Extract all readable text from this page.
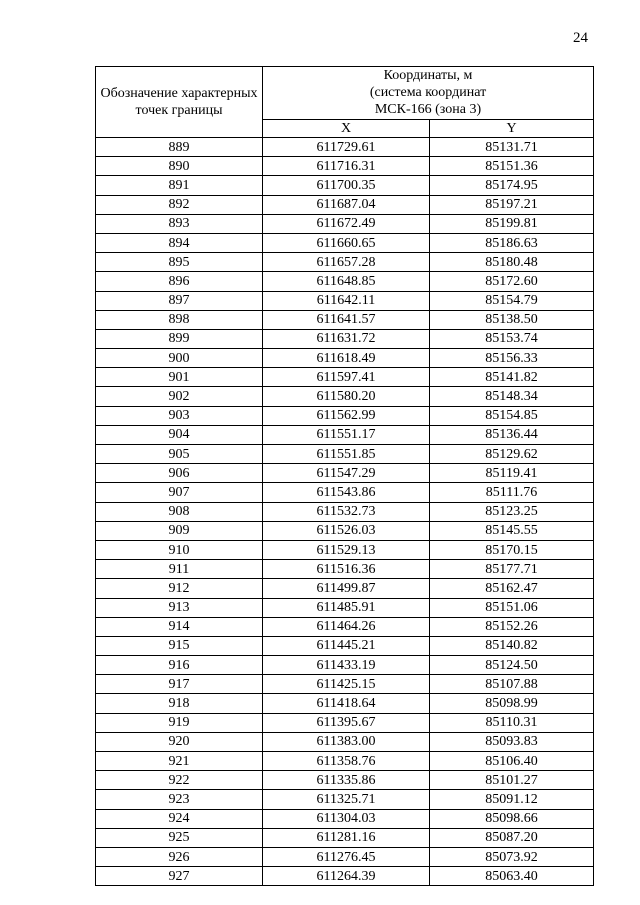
24
Обозначение характерных точек границы	Координаты, м
(система координат
МСК-166 (зона 3)	

	X	Y
889	611729.61	85131.71
890	611716.31	85151.36
891	611700.35	85174.95
892	611687.04	85197.21
893	611672.49	85199.81
894	611660.65	85186.63
895	611657.28	85180.48
896	611648.85	85172.60
897	611642.11	85154.79
898	611641.57	85138.50
899	611631.72	85153.74
900	611618.49	85156.33
901	611597.41	85141.82
902	611580.20	85148.34
903	611562.99	85154.85
904	611551.17	85136.44
905	611551.85	85129.62
906	611547.29	85119.41
907	611543.86	85111.76
908	611532.73	85123.25
909	611526.03	85145.55
910	611529.13	85170.15
911	611516.36	85177.71
912	611499.87	85162.47
913	611485.91	85151.06
914	611464.26	85152.26
915	611445.21	85140.82
916	611433.19	85124.50
917	611425.15	85107.88
918	611418.64	85098.99
919	611395.67	85110.31
920	611383.00	85093.83
921	611358.76	85106.40
922	611335.86	85101.27
923	611325.71	85091.12
924	611304.03	85098.66
925	611281.16	85087.20
926	611276.45	85073.92
927	611264.39	85063.40
